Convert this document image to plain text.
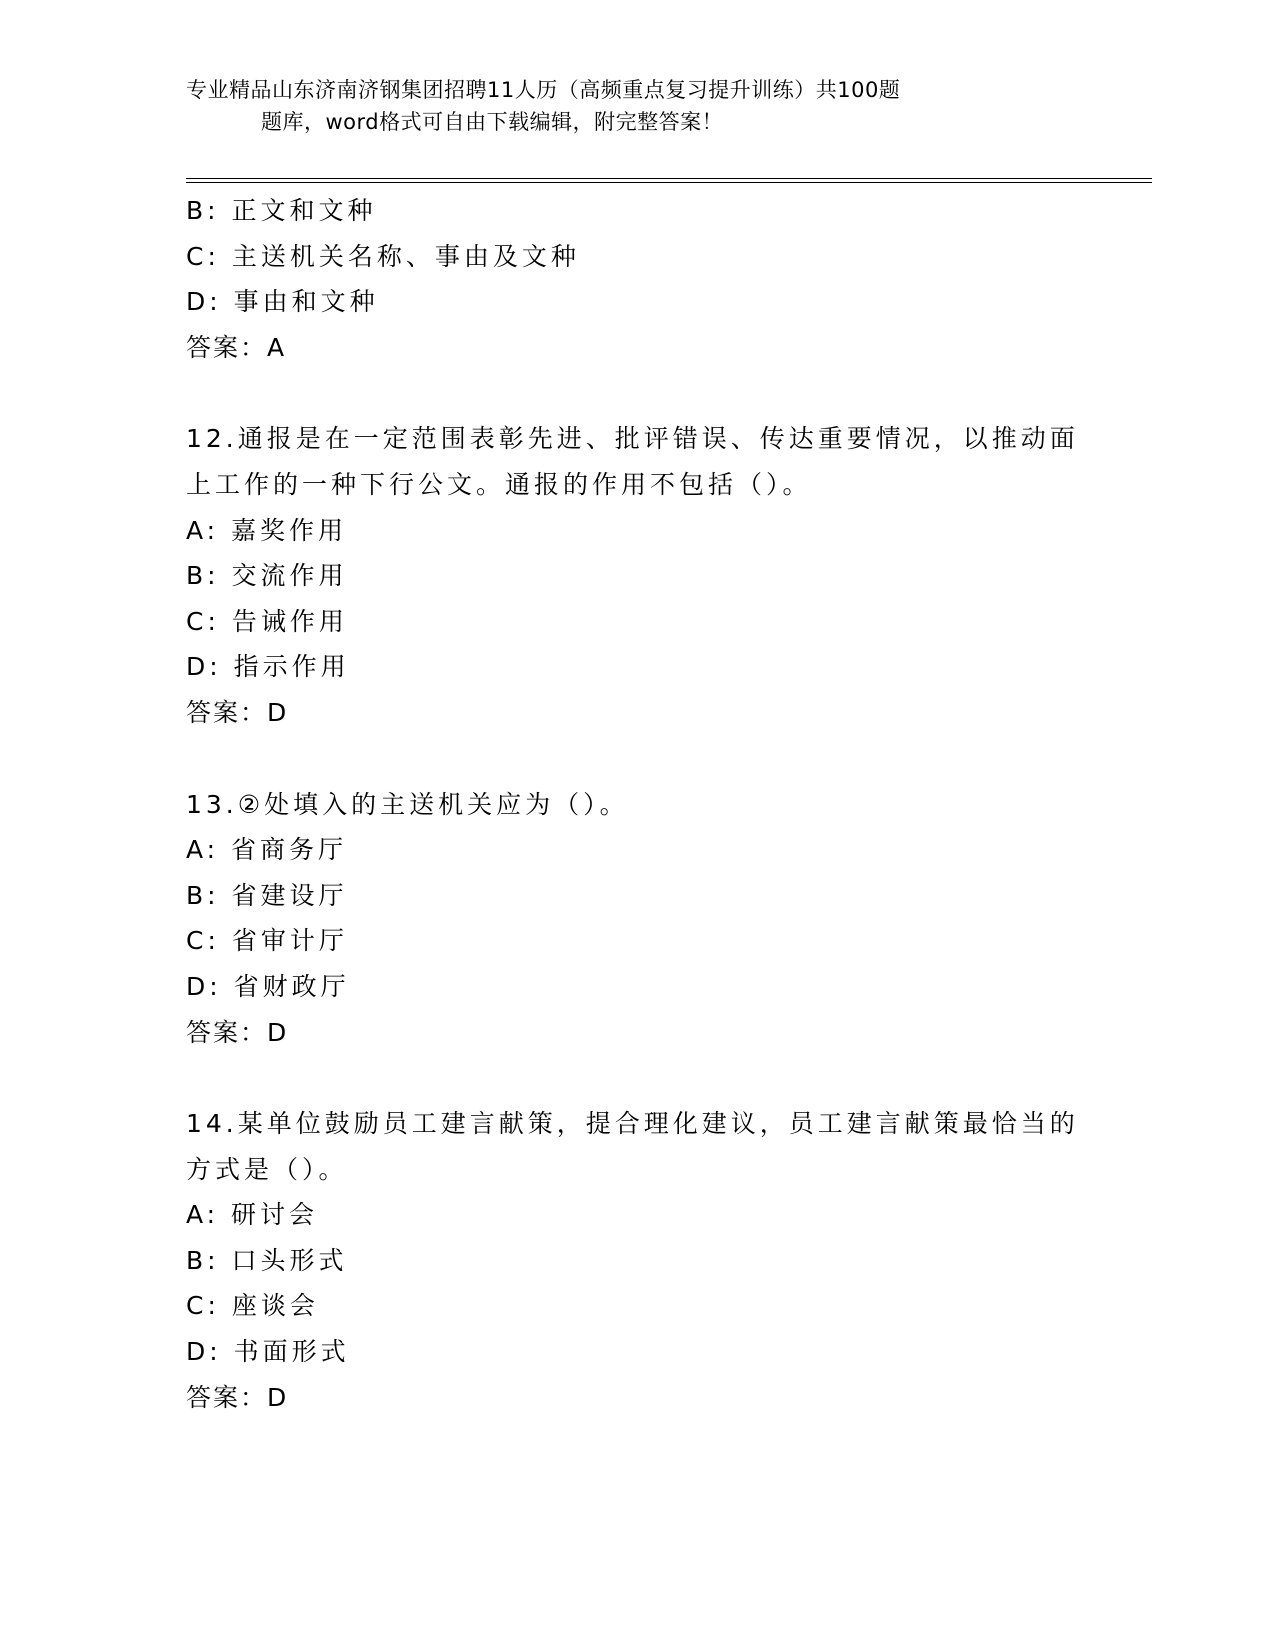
专业精品山东济南济钢集团招聘11人历（高频重点复习提升训练）共100题
题库，word格式可自由下载编辑，附完整答案！
B: 正文和文种
C: 主送机关名称、事由及文种
D: 事由和文种
答案：A
12.通报是在一定范围表彰先进、批评错误、传达重要情况，以推动面
上工作的一种下行公文。通报的作用不包括（）。
A: 嘉奖作用
B: 交流作用
C: 告诫作用
D: 指示作用
答案：D
13.②处填入的主送机关应为（）。
A: 省商务厅
B: 省建设厅
C: 省审计厅
D: 省财政厅
答案：D
14.某单位鼓励员工建言献策，提合理化建议，员工建言献策最恰当的
方式是（）。
A: 研讨会
B: 口头形式
C: 座谈会
D: 书面形式
答案：D
